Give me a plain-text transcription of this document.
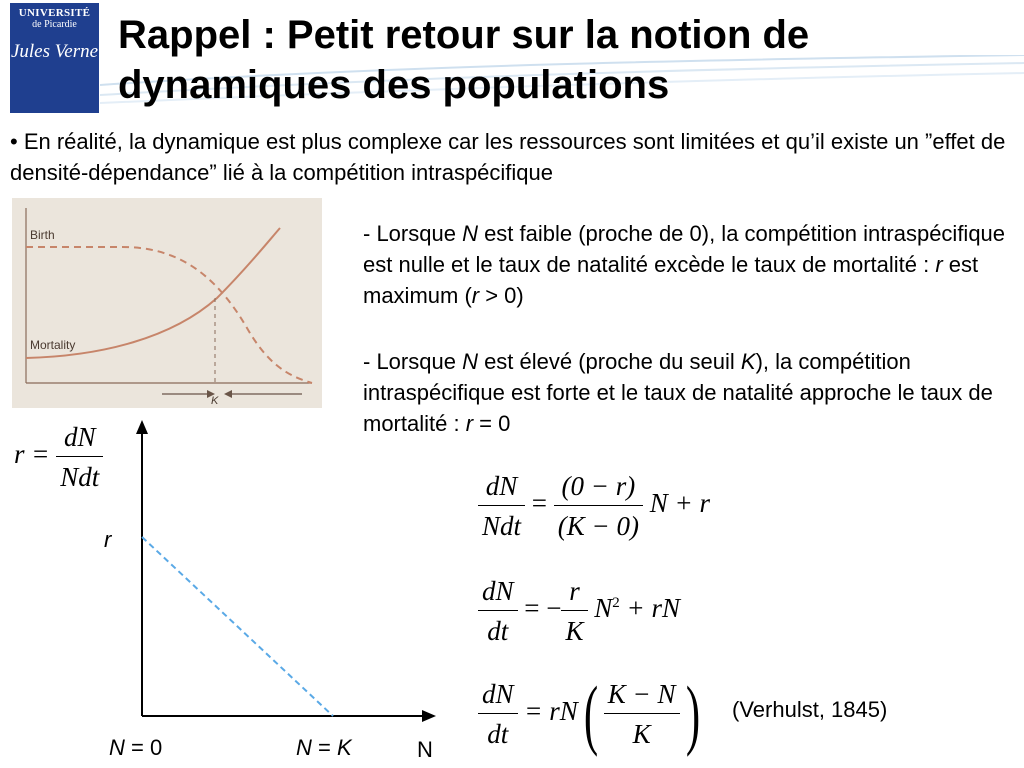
UNIVERSITÉ
de Picardie
Jules Verne Rappel : Petit retour sur la notion de dynamiques des populations
• En réalité, la dynamique est plus complexe car les ressources sont limitées et qu’il existe un ”effet de densité-dépendance” lié à la compétition intraspécifique
Birth
Mortality
K
- Lorsque N est faible (proche de 0), la compétition intraspécifique est nulle et le taux de natalité excède le taux de mortalité : r est maximum (r > 0)
- Lorsque N est élevé (proche du seuil K), la compétition intraspécifique est forte et le taux de natalité approche le taux de mortalité : r = 0
$r = \frac{dN}{\text{Ndt}}$
$\frac{dN}{\text{Ndt}} = \frac{(0 - r)}{(K - 0)}$ N + r
$\frac{dN}{dt}$ = − $\frac{r}{K} N^2$ + rN
$\frac{dN}{dt} = rN( \frac{K - N}{K}$ ) (Verhulst, 1845)
r
N = 0	N = K	N
